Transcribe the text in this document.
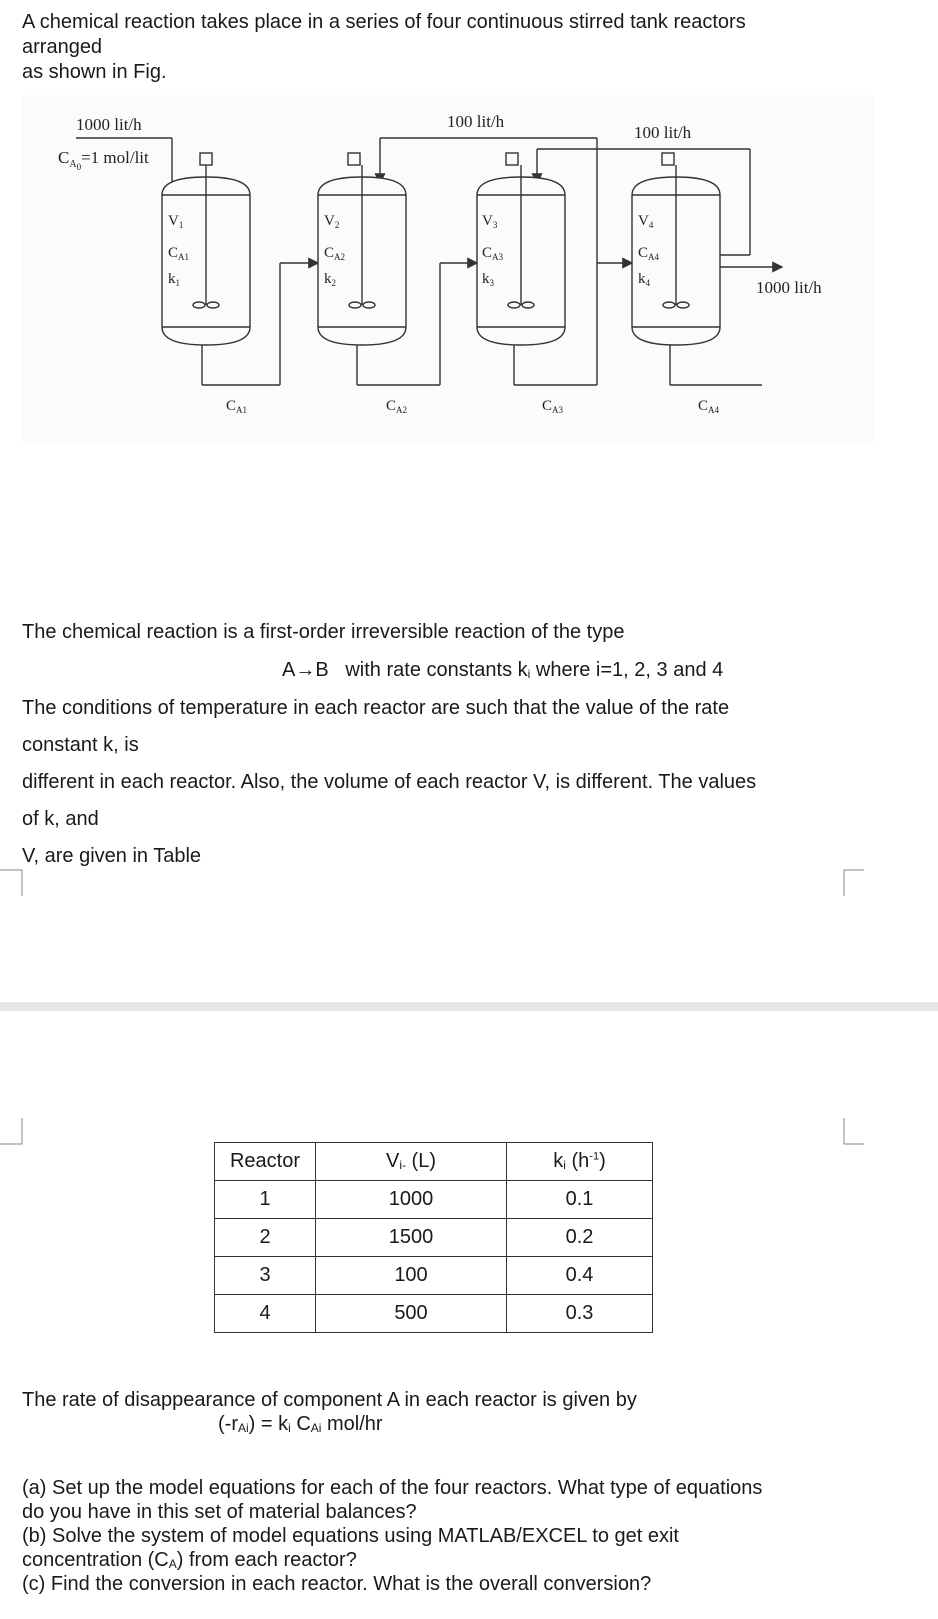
A chemical reaction takes place in a series of four continuous stirred tank reactors

arranged

as shown in Fig.

1000 lit/h
$C_A0=1$ mol/lit
100 lit/h
100 lit/h
1000 lit/h
$V_1$
$C_{A1}$
$k_1$
$C_{A1}$
$V_2$
$C_{A2}$
$k_2$
$C_{A2}$
$V_3$
$C_{A3}$
$k_3$
$C_{A3}$
$V_4$
$C_{A4}$
$k_4$
$C_{A4}$

The chemical reaction is a first-order irreversible reaction of the type

A→B with rate constants $k_i$ where i=1, 2, 3 and 4

The conditions of temperature in each reactor are such that the value of the rate

constant k, is

different in each reactor. Also, the volume of each reactor V, is different. The values

of k, and

V, are given in Table

Reactor	$V_{i-}$ (L)	$k_i$ $(h^{-1})$
1	1000	0.1
2	1500	0.2
3	100	0.4
4	500	0.3

The rate of disappearance of component A in each reactor is given by

$(-r_{Ai}) = k_i$ $C_{Ai}$ mol/hr

(a) Set up the model equations for each of the four reactors. What type of equations

do you have in this set of material balances?

(b) Solve the system of model equations using MATLAB/EXCEL to get exit

concentration $(C_A)$ from each reactor?

(c) Find the conversion in each reactor. What is the overall conversion?
